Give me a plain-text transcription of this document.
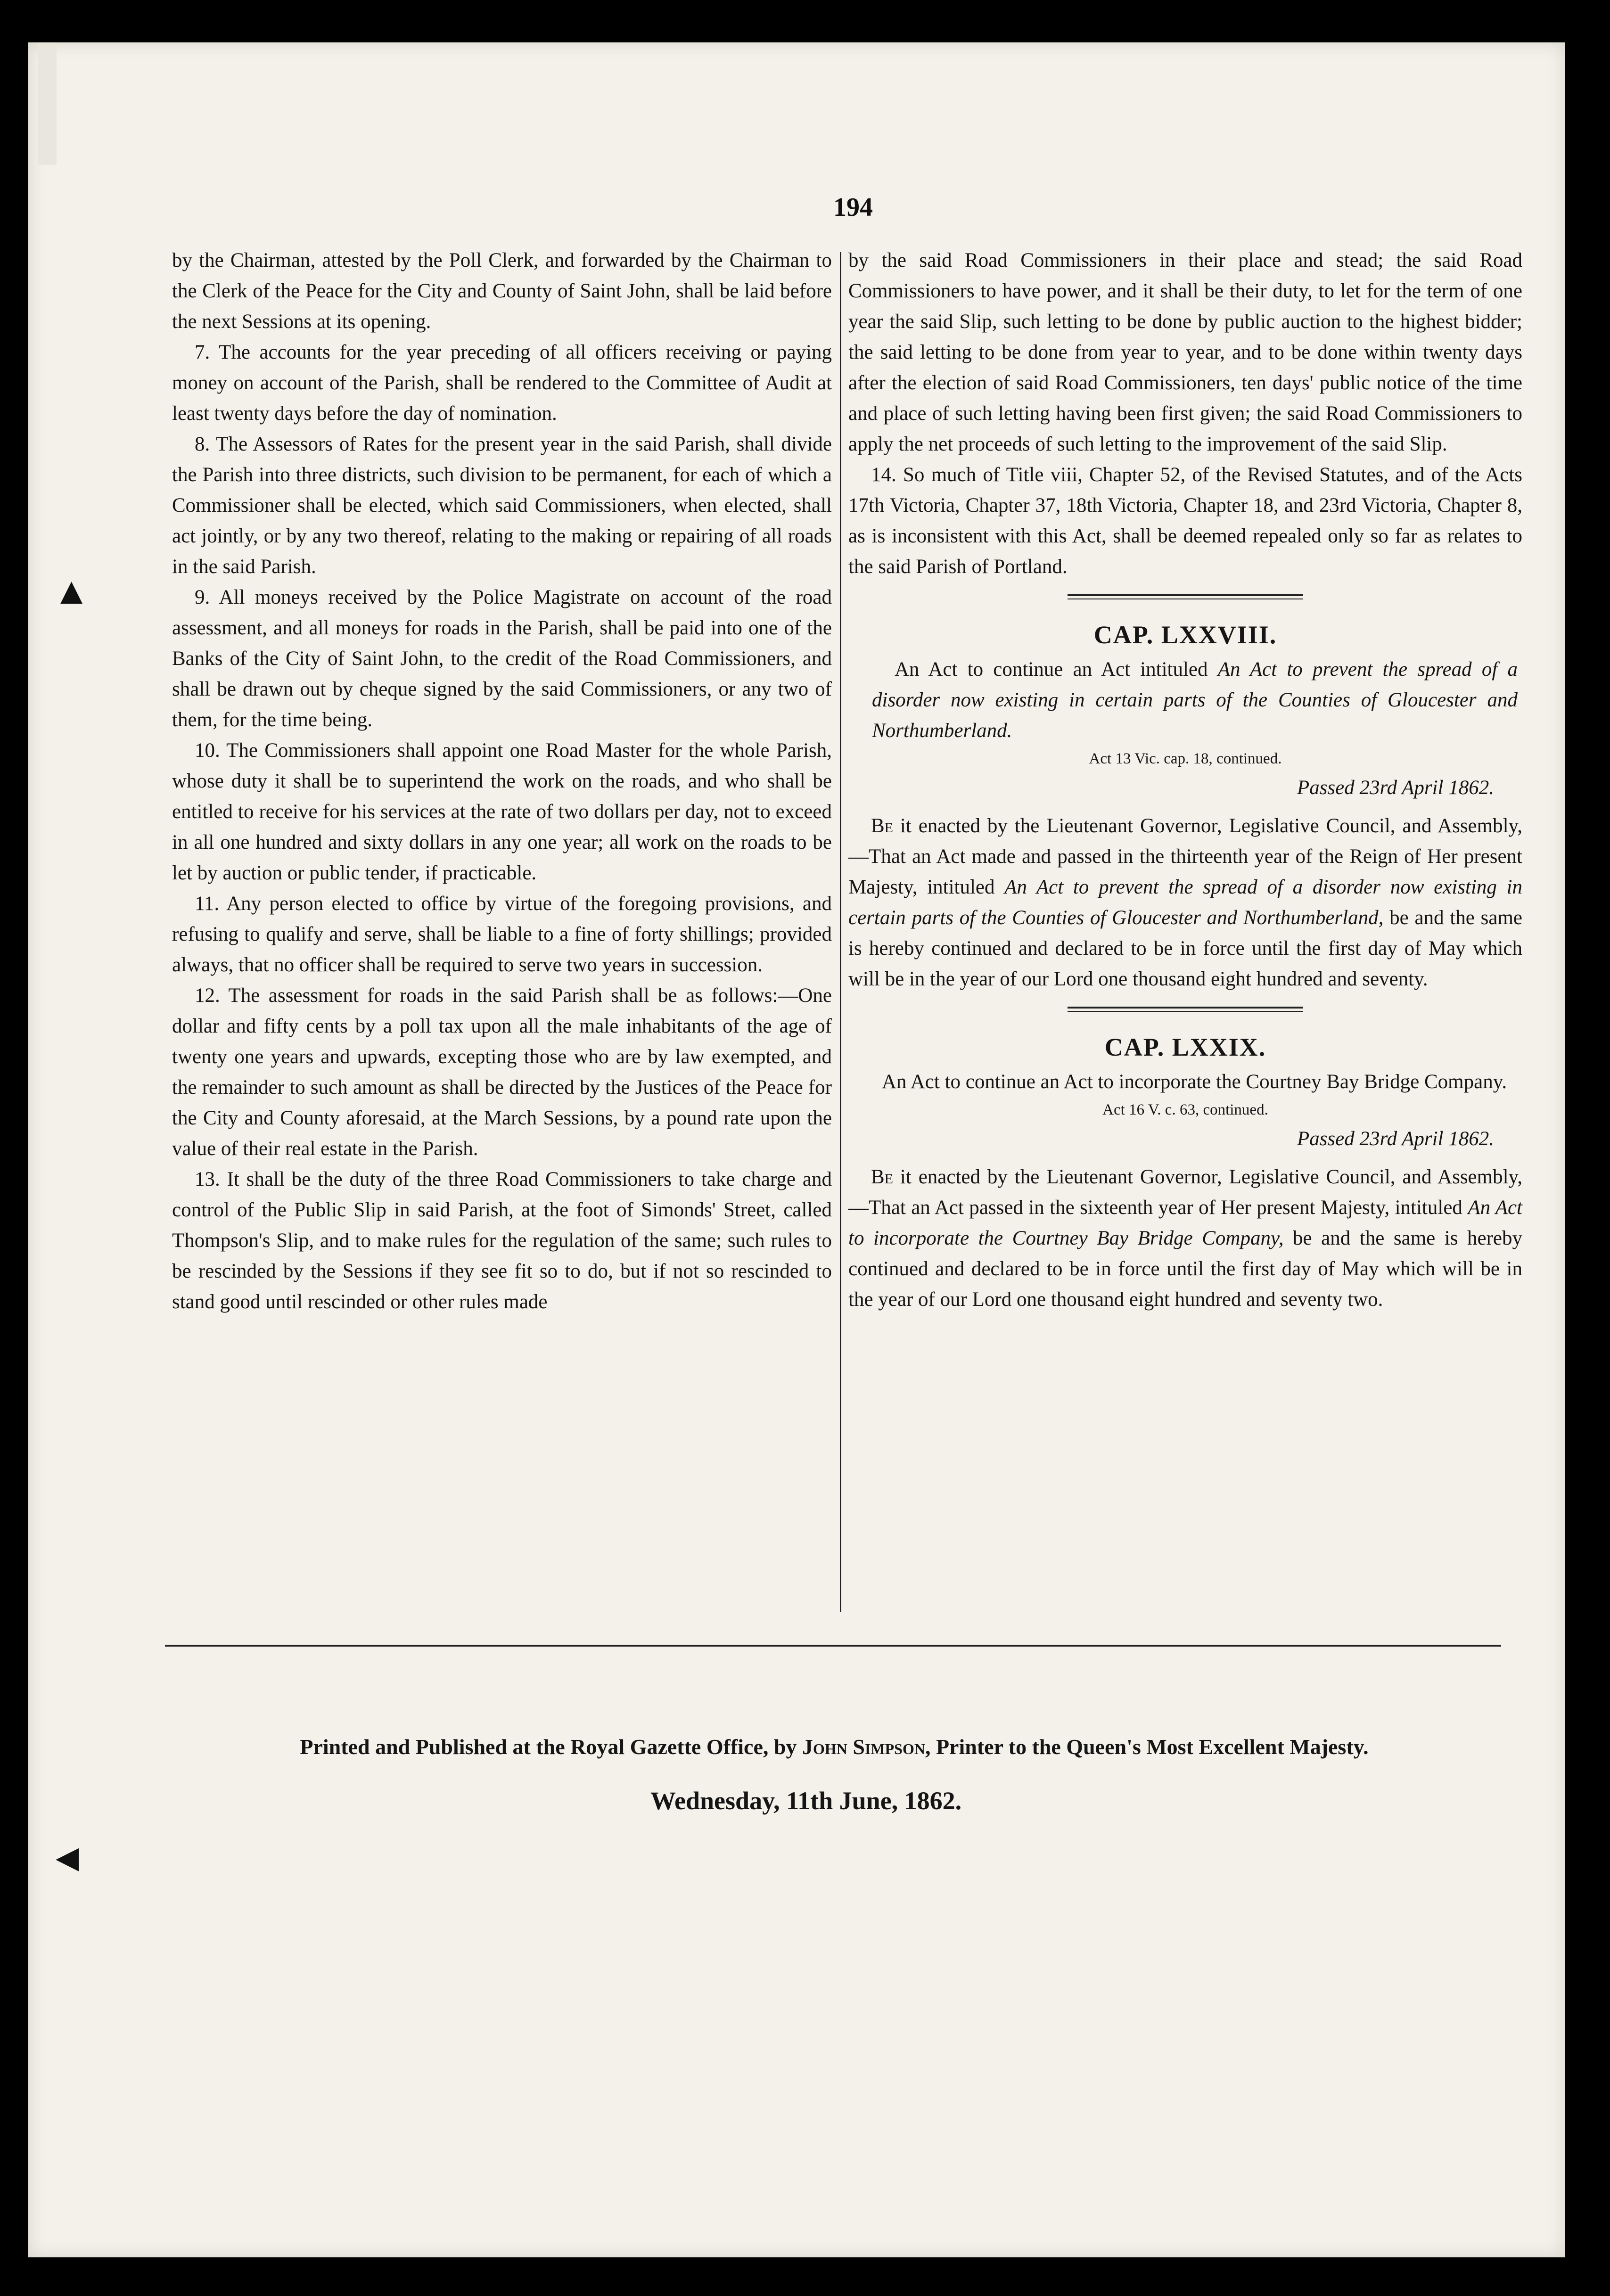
194

by the Chairman, attested by the Poll Clerk, and forwarded by the Chairman to the Clerk of the Peace for the City and County of Saint John, shall be laid before the next Sessions at its opening.

7. The accounts for the year preceding of all officers receiving or paying money on account of the Parish, shall be rendered to the Committee of Audit at least twenty days before the day of nomination.

8. The Assessors of Rates for the present year in the said Parish, shall divide the Parish into three districts, such division to be permanent, for each of which a Commissioner shall be elected, which said Commissioners, when elected, shall act jointly, or by any two thereof, relating to the making or repairing of all roads in the said Parish.

9. All moneys received by the Police Magistrate on account of the road assessment, and all moneys for roads in the Parish, shall be paid into one of the Banks of the City of Saint John, to the credit of the Road Commissioners, and shall be drawn out by cheque signed by the said Commissioners, or any two of them, for the time being.

10. The Commissioners shall appoint one Road Master for the whole Parish, whose duty it shall be to superintend the work on the roads, and who shall be entitled to receive for his services at the rate of two dollars per day, not to exceed in all one hundred and sixty dollars in any one year; all work on the roads to be let by auction or public tender, if practicable.

11. Any person elected to office by virtue of the foregoing provisions, and refusing to qualify and serve, shall be liable to a fine of forty shillings; provided always, that no officer shall be required to serve two years in succession.

12. The assessment for roads in the said Parish shall be as follows:—One dollar and fifty cents by a poll tax upon all the male inhabitants of the age of twenty one years and upwards, excepting those who are by law exempted, and the remainder to such amount as shall be directed by the Justices of the Peace for the City and County aforesaid, at the March Sessions, by a pound rate upon the value of their real estate in the Parish.

13. It shall be the duty of the three Road Commissioners to take charge and control of the Public Slip in said Parish, at the foot of Simonds' Street, called Thompson's Slip, and to make rules for the regulation of the same; such rules to be rescinded by the Sessions if they see fit so to do, but if not so rescinded to stand good until rescinded or other rules made

by the said Road Commissioners in their place and stead; the said Road Commissioners to have power, and it shall be their duty, to let for the term of one year the said Slip, such letting to be done by public auction to the highest bidder; the said letting to be done from year to year, and to be done within twenty days after the election of said Road Commissioners, ten days' public notice of the time and place of such letting having been first given; the said Road Commissioners to apply the net proceeds of such letting to the improvement of the said Slip.

14. So much of Title viii, Chapter 52, of the Revised Statutes, and of the Acts 17th Victoria, Chapter 37, 18th Victoria, Chapter 18, and 23rd Victoria, Chapter 8, as is inconsistent with this Act, shall be deemed repealed only so far as relates to the said Parish of Portland.

CAP. LXXVIII.

An Act to continue an Act intituled An Act to prevent the spread of a disorder now existing in certain parts of the Counties of Gloucester and Northumberland.

Act 13 Vic. cap. 18, continued.
Passed 23rd April 1862.

Be it enacted by the Lieutenant Governor, Legislative Council, and Assembly,—That an Act made and passed in the thirteenth year of the Reign of Her present Majesty, intituled An Act to prevent the spread of a disorder now existing in certain parts of the Counties of Gloucester and Northumberland, be and the same is hereby continued and declared to be in force until the first day of May which will be in the year of our Lord one thousand eight hundred and seventy.

CAP. LXXIX.

An Act to continue an Act to incorporate the Courtney Bay Bridge Company.

Act 16 V. c. 63, continued.
Passed 23rd April 1862.

Be it enacted by the Lieutenant Governor, Legislative Council, and Assembly,—That an Act passed in the sixteenth year of Her present Majesty, intituled An Act to incorporate the Courtney Bay Bridge Company, be and the same is hereby continued and declared to be in force until the first day of May which will be in the year of our Lord one thousand eight hundred and seventy two.

Printed and Published at the Royal Gazette Office, by John Simpson, Printer to the Queen's Most Excellent Majesty.
Wednesday, 11th June, 1862.
▲
◀
